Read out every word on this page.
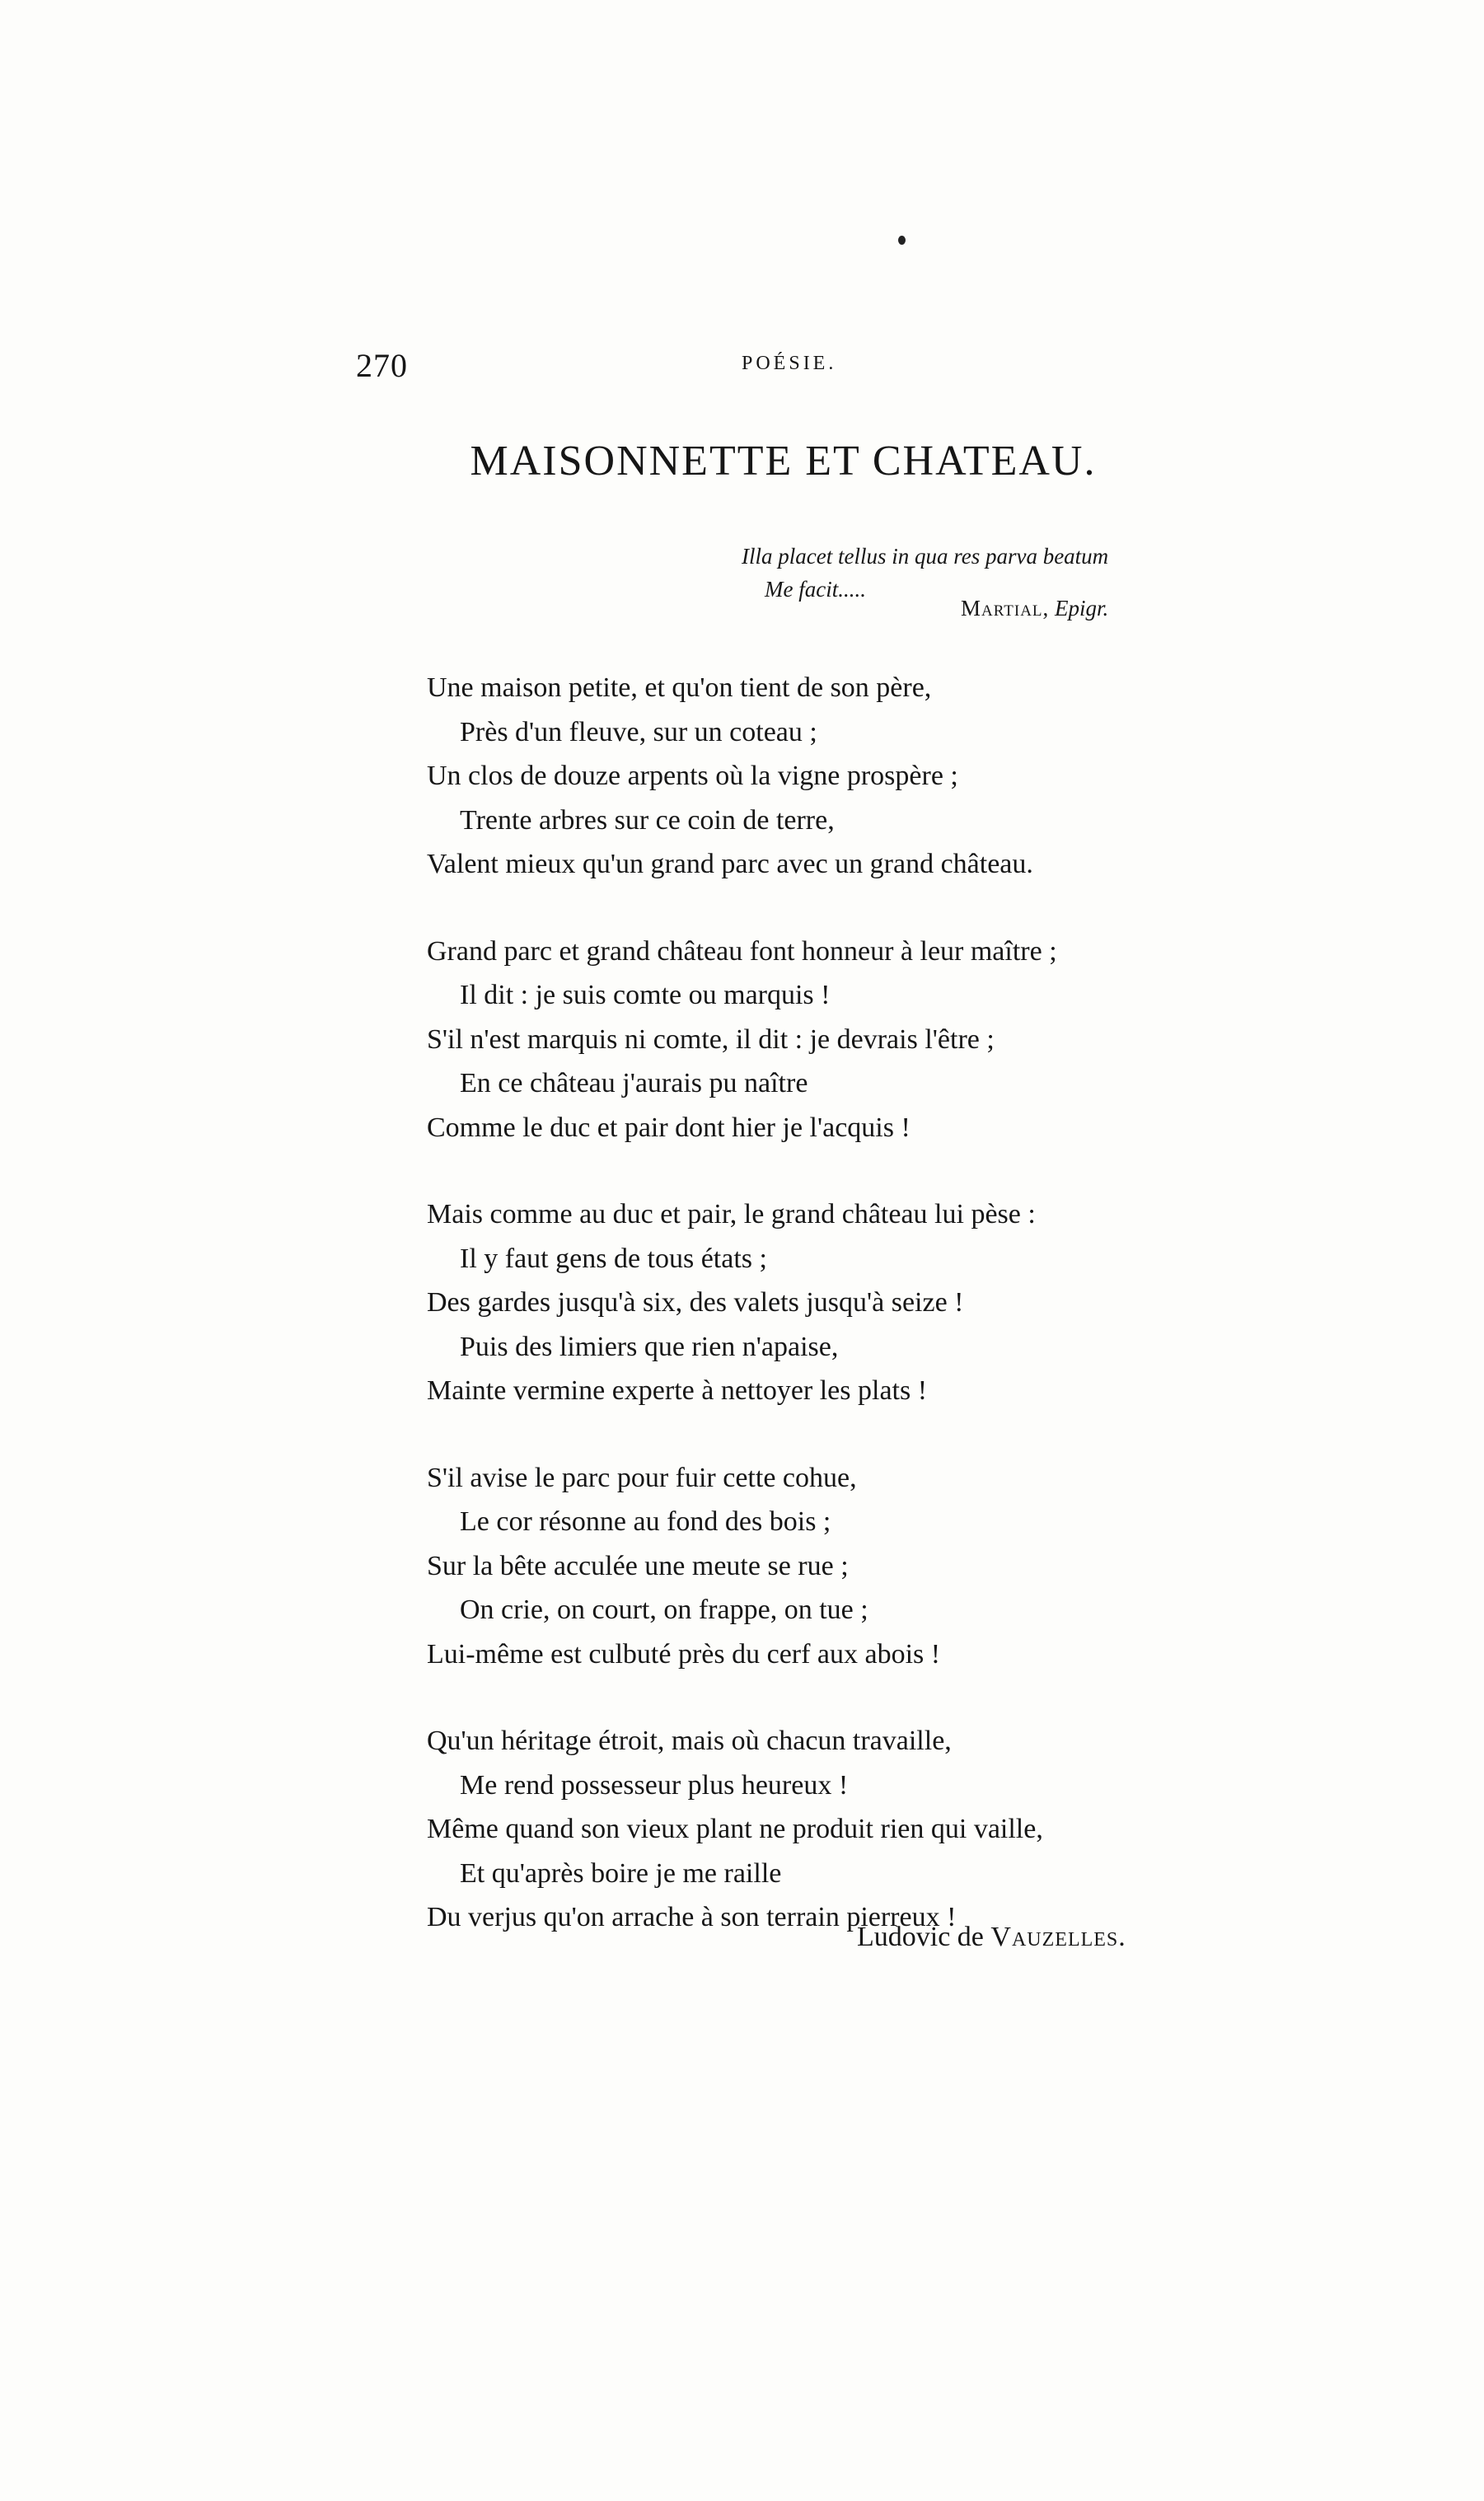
270	POÉSIE.
MAISONNETTE ET CHATEAU.
Illa placet tellus in qua res parva beatum
Me facit.....
Martial, Epigr.
Une maison petite, et qu'on tient de son père,
Près d'un fleuve, sur un coteau ;
Un clos de douze arpents où la vigne prospère ;
Trente arbres sur ce coin de terre,
Valent mieux qu'un grand parc avec un grand château.
Grand parc et grand château font honneur à leur maître ;
Il dit : je suis comte ou marquis !
S'il n'est marquis ni comte, il dit : je devrais l'être ;
En ce château j'aurais pu naître
Comme le duc et pair dont hier je l'acquis !
Mais comme au duc et pair, le grand château lui pèse :
Il y faut gens de tous états ;
Des gardes jusqu'à six, des valets jusqu'à seize !
Puis des limiers que rien n'apaise,
Mainte vermine experte à nettoyer les plats !
S'il avise le parc pour fuir cette cohue,
Le cor résonne au fond des bois ;
Sur la bête acculée une meute se rue ;
On crie, on court, on frappe, on tue ;
Lui-même est culbuté près du cerf aux abois !
Qu'un héritage étroit, mais où chacun travaille,
Me rend possesseur plus heureux !
Même quand son vieux plant ne produit rien qui vaille,
Et qu'après boire je me raille
Du verjus qu'on arrache à son terrain pierreux !
Ludovic de Vauzelles.
